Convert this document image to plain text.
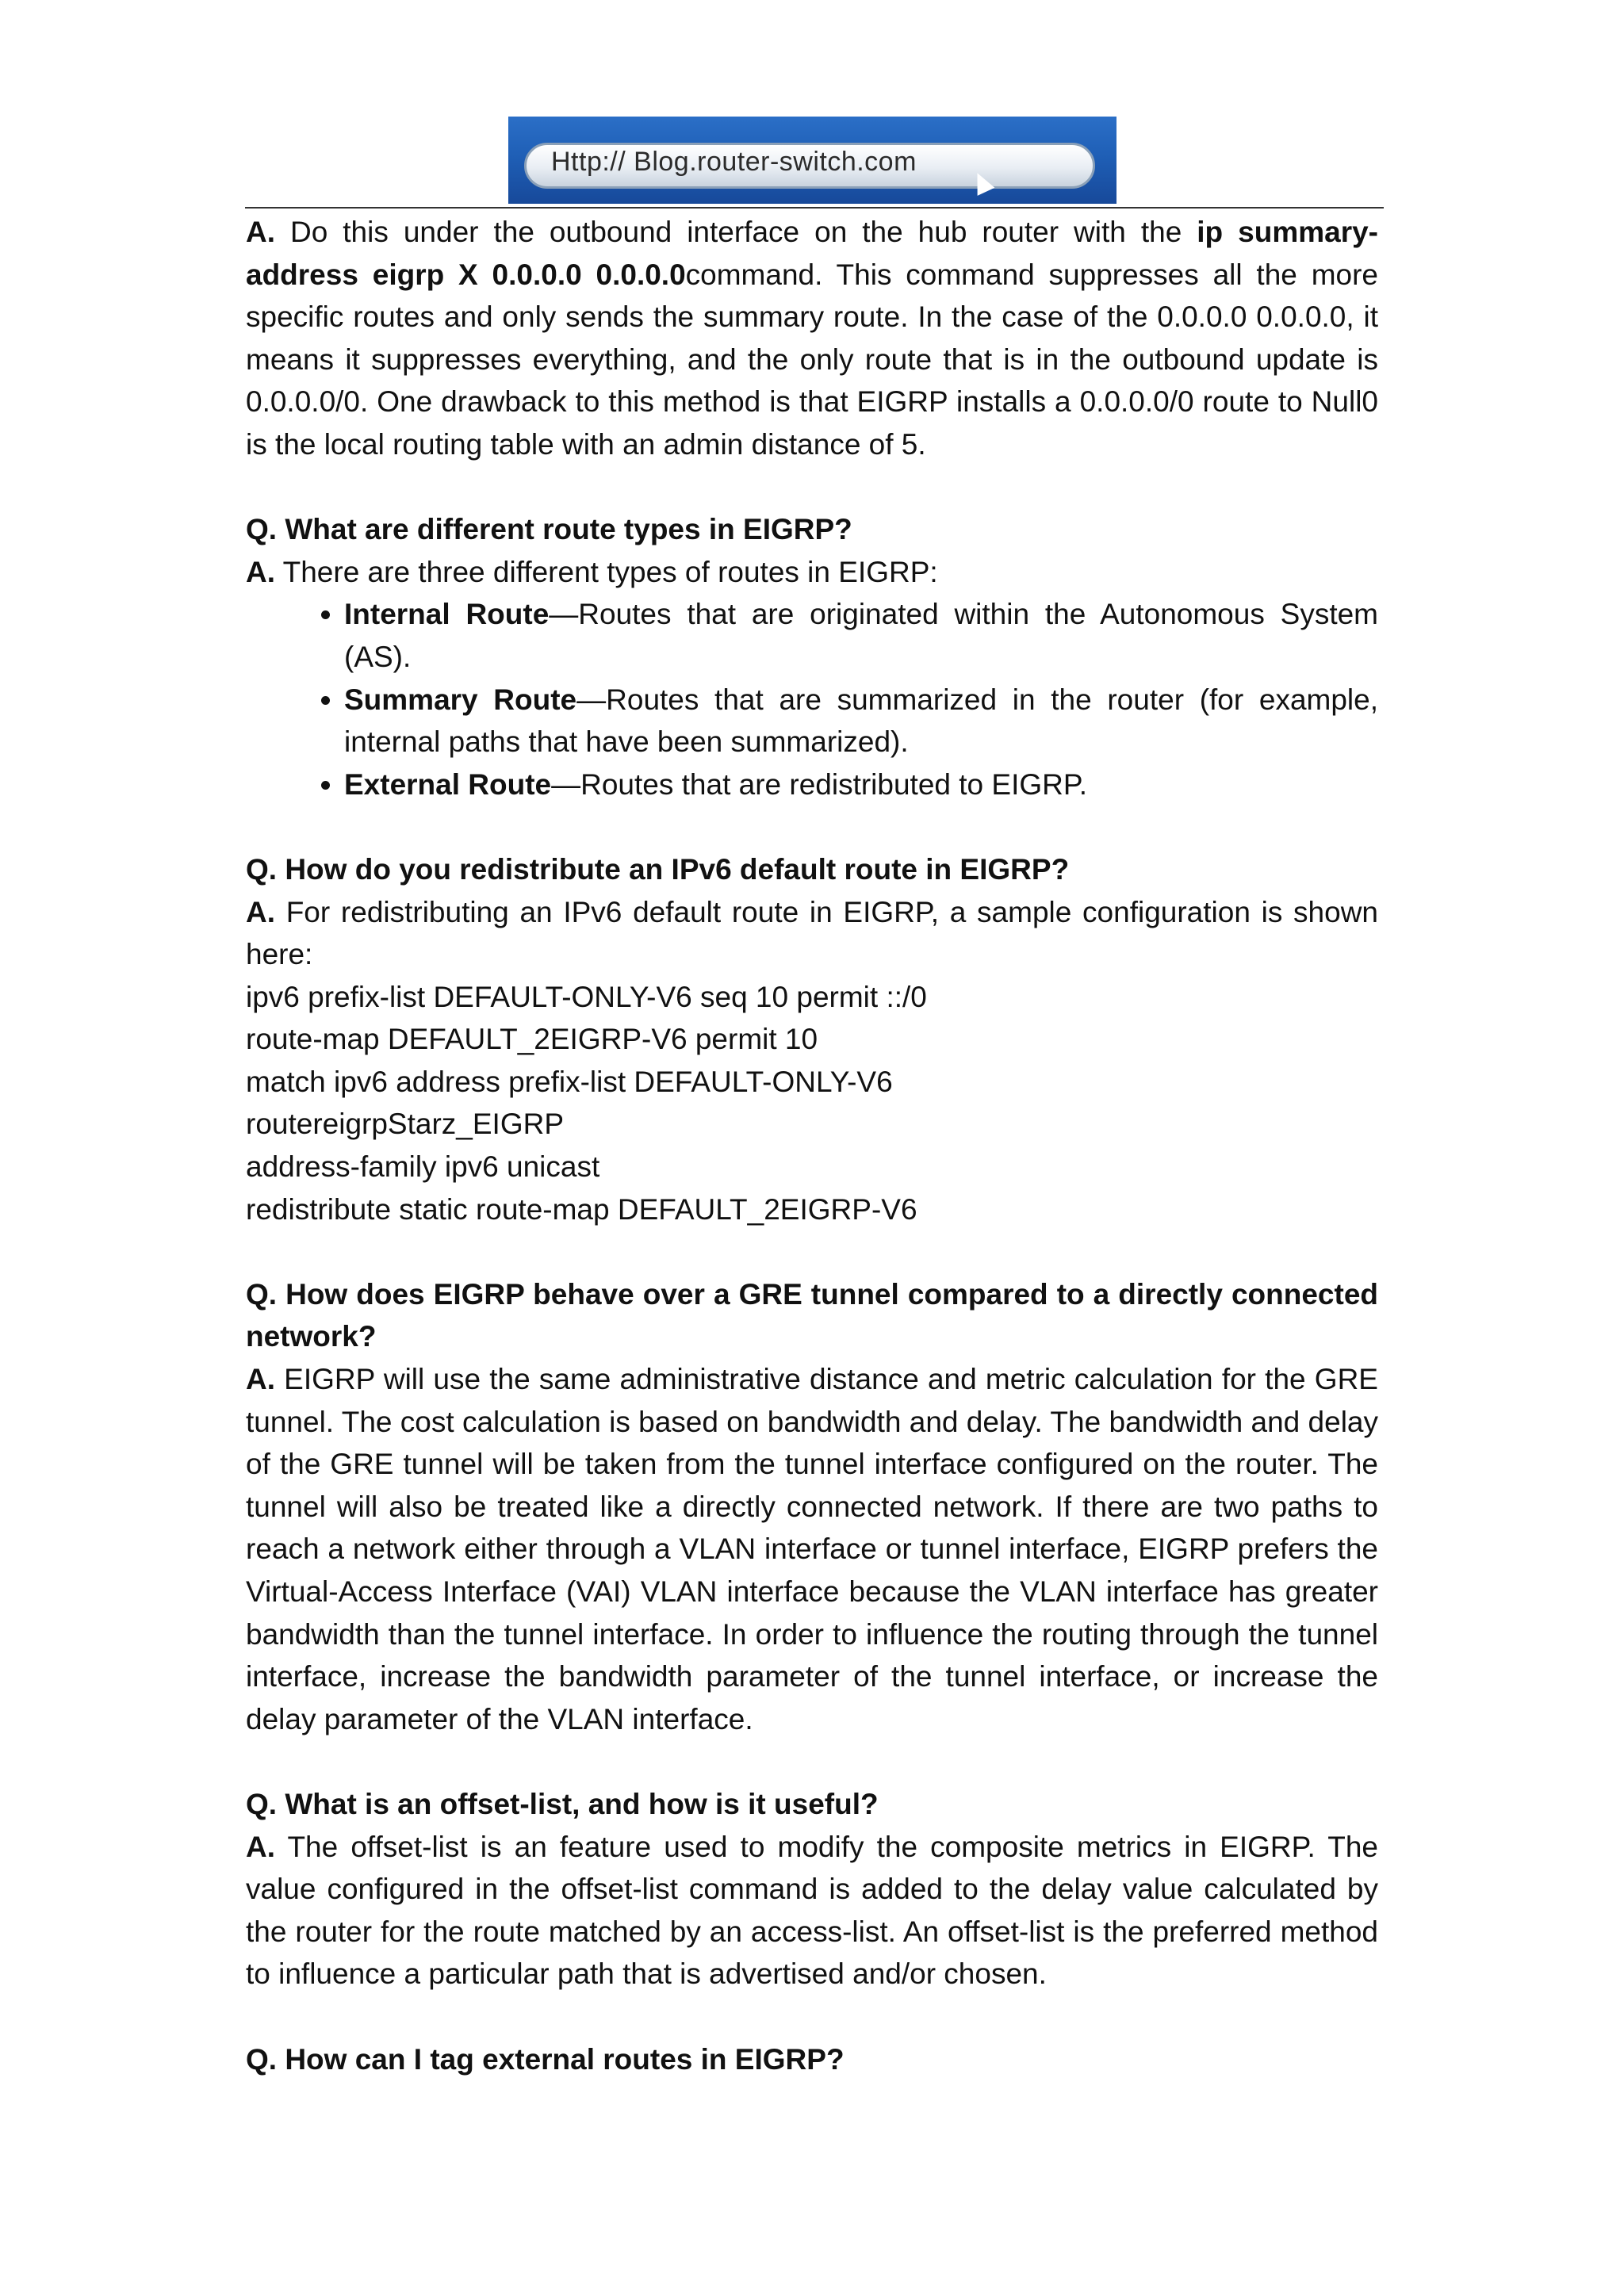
Http:// Blog.router-switch.com

A. Do this under the outbound interface on the hub router with the ip summary-address eigrp X 0.0.0.0 0.0.0.0command. This command suppresses all the more specific routes and only sends the summary route. In the case of the 0.0.0.0 0.0.0.0, it means it suppresses everything, and the only route that is in the outbound update is 0.0.0.0/0. One drawback to this method is that EIGRP installs a 0.0.0.0/0 route to Null0 is the local routing table with an admin distance of 5.

Q. What are different route types in EIGRP?

A. There are three different types of routes in EIGRP:

• Internal Route—Routes that are originated within the Autonomous System (AS).
• Summary Route—Routes that are summarized in the router (for example, internal paths that have been summarized).
• External Route—Routes that are redistributed to EIGRP.

Q. How do you redistribute an IPv6 default route in EIGRP?

A. For redistributing an IPv6 default route in EIGRP, a sample configuration is shown here:

ipv6 prefix-list DEFAULT-ONLY-V6 seq 10 permit ::/0

route-map DEFAULT_2EIGRP-V6 permit 10

match ipv6 address prefix-list DEFAULT-ONLY-V6

routereigrpStarz_EIGRP

address-family ipv6 unicast

redistribute static route-map DEFAULT_2EIGRP-V6

Q. How does EIGRP behave over a GRE tunnel compared to a directly connected network?

A. EIGRP will use the same administrative distance and metric calculation for the GRE tunnel. The cost calculation is based on bandwidth and delay. The bandwidth and delay of the GRE tunnel will be taken from the tunnel interface configured on the router. The tunnel will also be treated like a directly connected network. If there are two paths to reach a network either through a VLAN interface or tunnel interface, EIGRP prefers the Virtual-Access Interface (VAI) VLAN interface because the VLAN interface has greater bandwidth than the tunnel interface. In order to influence the routing through the tunnel interface, increase the bandwidth parameter of the tunnel interface, or increase the delay parameter of the VLAN interface.

Q. What is an offset-list, and how is it useful?

A. The offset-list is an feature used to modify the composite metrics in EIGRP. The value configured in the offset-list command is added to the delay value calculated by the router for the route matched by an access-list. An offset-list is the preferred method to influence a particular path that is advertised and/or chosen.

Q. How can I tag external routes in EIGRP?
